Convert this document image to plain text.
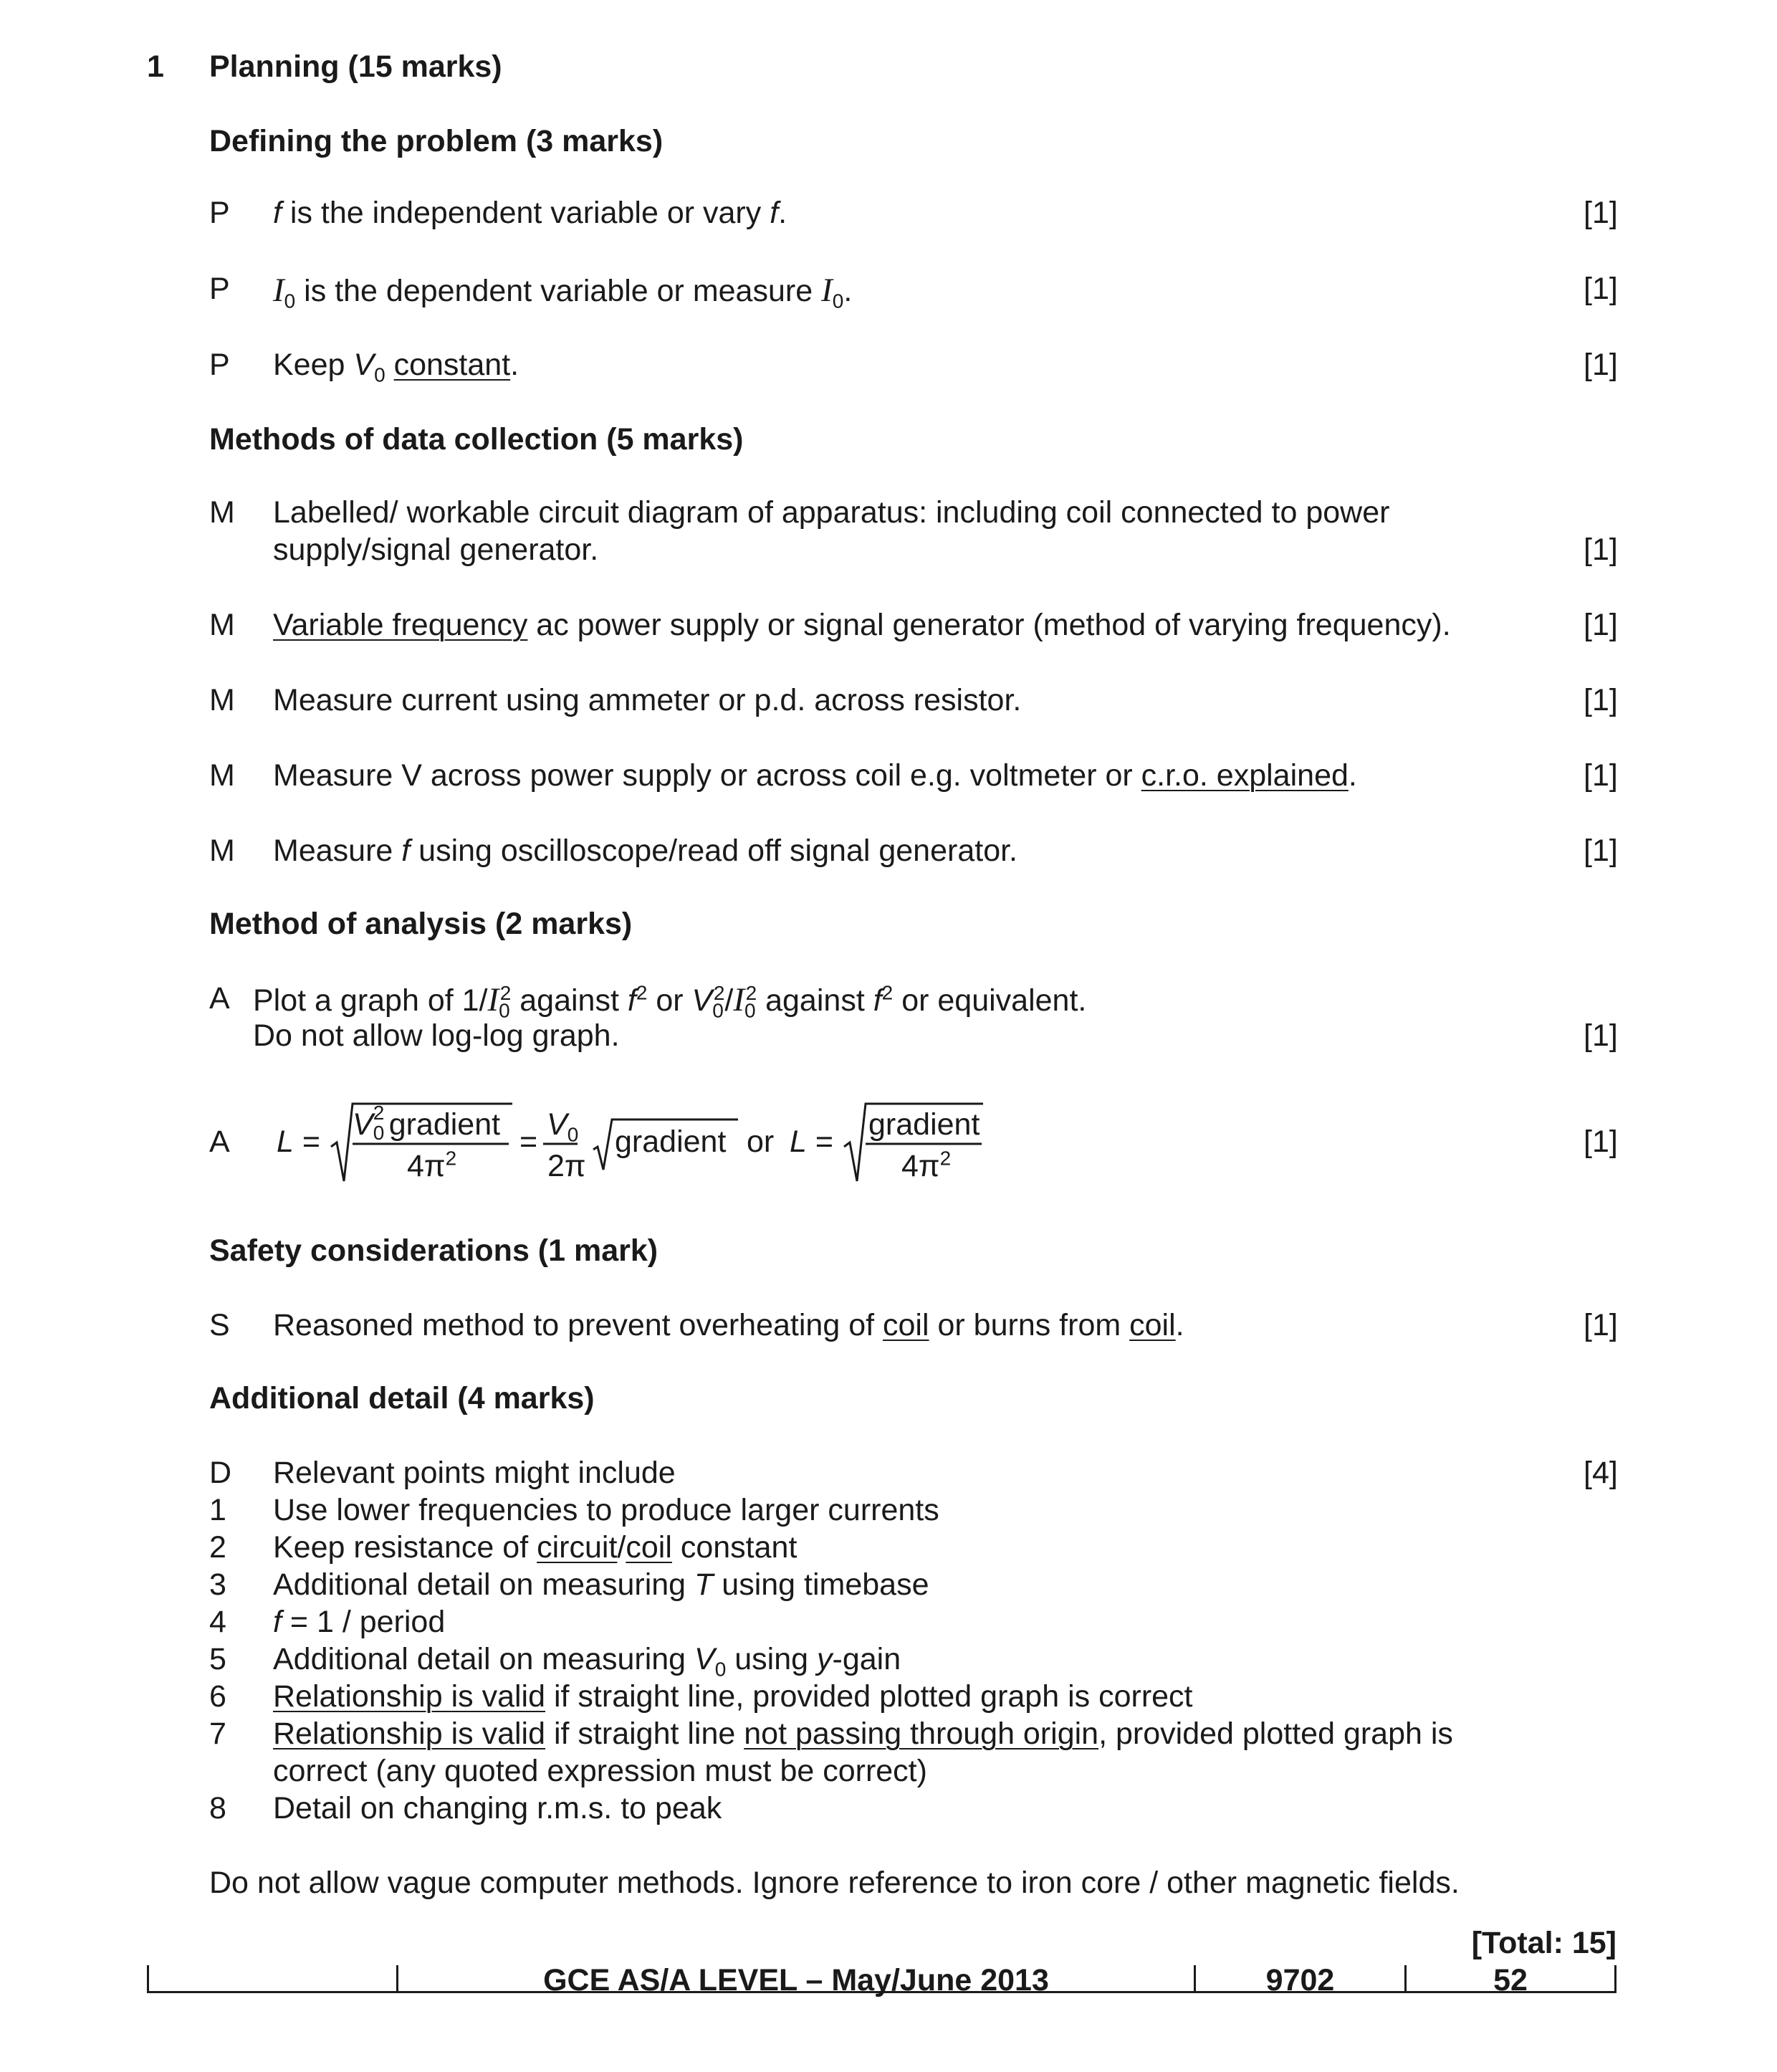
1 Planning (15 marks)
Defining the problem (3 marks)
P f is the independent variable or vary f.	[1]
P $I_0$ is the dependent variable or measure $I_0$.	[1]
P Keep $V_0$ constant.	[1]
Methods of data collection (5 marks)
M Labelled/ workable circuit diagram of apparatus: including coil connected to power
supply/signal generator.	[1]
M Variable frequency ac power supply or signal generator (method of varying frequency).	[1]
M Measure current using ammeter or p.d. across resistor.	[1]
M Measure V across power supply or across coil e.g. voltmeter or c.r.o. explained.	[1]
M Measure f using oscilloscope/read off signal generator.	[1]
Method of analysis (2 marks)
A Plot a graph of $1/I_0^2$ against $f^2$ or $V_0^2/I_0^2$ against $f^2$ or equivalent.
Do not allow log-log graph.	[1]
A L = V 2
0 gradient
$4\pi^2 = V_0$
2π
gradient or L = gradient
$4\pi^2$	[1]
Safety considerations (1 mark)
S Reasoned method to prevent overheating of coil or burns from coil.	[1]
Additional detail (4 marks)
D Relevant points might include	[4]
1 Use lower frequencies to produce larger currents
2 Keep resistance of circuit/coil constant
3 Additional detail on measuring T using timebase
4 f = 1 / period
5 Additional detail on measuring $V_0$ using y-gain
6 Relationship is valid if straight line, provided plotted graph is correct
7 Relationship is valid if straight line not passing through origin, provided plotted graph is
correct (any quoted expression must be correct)
8 Detail on changing r.m.s. to peak
Do not allow vague computer methods. Ignore reference to iron core / other magnetic fields.
[Total: 15]
GCE AS/A LEVEL – May/June 2013	9702	52
